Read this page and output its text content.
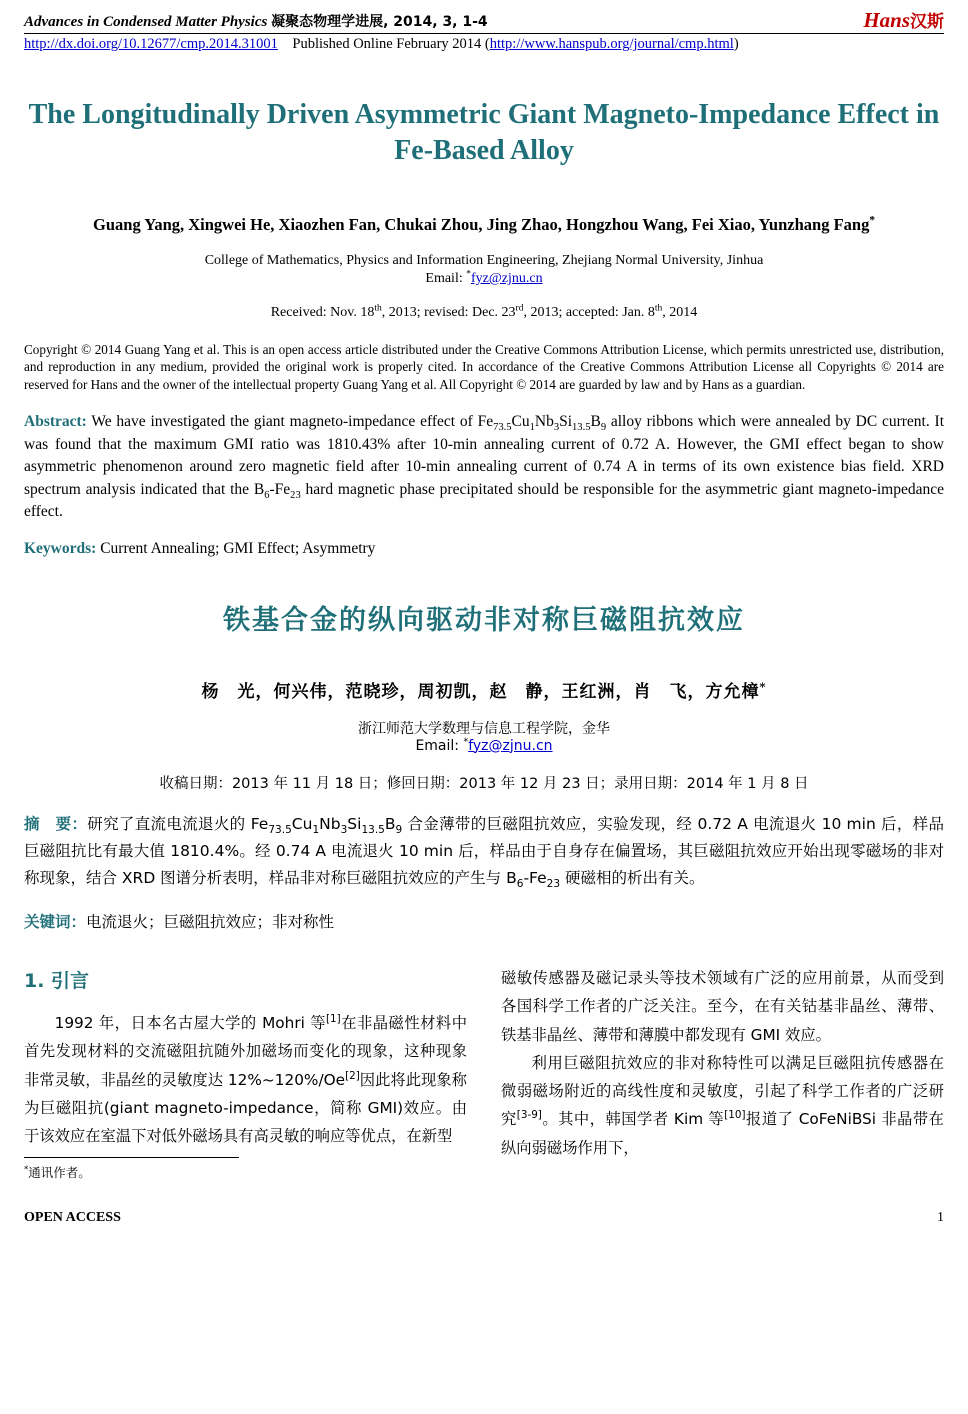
Advances in Condensed Matter Physics 凝聚态物理学进展, 2014, 3, 1-4	Hans汉斯
http://dx.doi.org/10.12677/cmp.2014.31001 Published Online February 2014 (http://www.hanspub.org/journal/cmp.html)
The Longitudinally Driven Asymmetric Giant Magneto-Impedance Effect in Fe-Based Alloy
Guang Yang, Xingwei He, Xiaozhen Fan, Chukai Zhou, Jing Zhao, Hongzhou Wang, Fei Xiao, Yunzhang Fang*
College of Mathematics, Physics and Information Engineering, Zhejiang Normal University, Jinhua
Email: *fyz@zjnu.cn
Received: Nov. 18th, 2013; revised: Dec. 23rd, 2013; accepted: Jan. 8th, 2014
Copyright © 2014 Guang Yang et al. This is an open access article distributed under the Creative Commons Attribution License, which permits unrestricted use, distribution, and reproduction in any medium, provided the original work is properly cited. In accordance of the Creative Commons Attribution License all Copyrights © 2014 are reserved for Hans and the owner of the intellectual property Guang Yang et al. All Copyright © 2014 are guarded by law and by Hans as a guardian.
Abstract: We have investigated the giant magneto-impedance effect of $Fe_{73.5}Cu_1Nb_3Si_{13.5}B_9$ alloy ribbons which were annealed by DC current. It was found that the maximum GMI ratio was 1810.43% after 10-min annealing current of 0.72 A. However, the GMI effect began to show asymmetric phenomenon around zero magnetic field after 10-min annealing current of 0.74 A in terms of its own existence bias field. XRD spectrum analysis indicated that the $B_6-Fe_{23}$ hard magnetic phase precipitated should be responsible for the asymmetric giant magneto-impedance effect.
Keywords: Current Annealing; GMI Effect; Asymmetry
铁基合金的纵向驱动非对称巨磁阻抗效应
杨　光，何兴伟，范晓珍，周初凯，赵　静，王红洲，肖　飞，方允樟*
浙江师范大学数理与信息工程学院，金华
Email: *fyz@zjnu.cn
收稿日期：2013 年 11 月 18 日；修回日期：2013 年 12 月 23 日；录用日期：2014 年 1 月 8 日
摘　要：研究了直流电流退火的 $Fe_{73.5}Cu_1Nb_3Si_{13.5}B_9$ 合金薄带的巨磁阻抗效应，实验发现，经 0.72 A 电流退火 10 min 后，样品巨磁阻抗比有最大值 1810.4%。经 0.74 A 电流退火 10 min 后，样品由于自身存在偏置场，其巨磁阻抗效应开始出现零磁场的非对称现象，结合 XRD 图谱分析表明，样品非对称巨磁阻抗效应的产生与 $B_6-Fe_{23}$ 硬磁相的析出有关。
关键词：电流退火；巨磁阻抗效应；非对称性
1. 引言

1992 年，日本名古屋大学的 Mohri 等[1]在非晶磁性材料中首先发现材料的交流磁阻抗随外加磁场而变化的现象，这种现象非常灵敏，非晶丝的灵敏度达 12%~120%/Oe[2]因此将此现象称为巨磁阻抗(giant magneto-impedance，简称 GMI)效应。由于该效应在室温下对低外磁场具有高灵敏的响应等优点，在新型

*通讯作者。

磁敏传感器及磁记录头等技术领域有广泛的应用前景，从而受到各国科学工作者的广泛关注。至今，在有关钴基非晶丝、薄带、铁基非晶丝、薄带和薄膜中都发现有 GMI 效应。

利用巨磁阻抗效应的非对称特性可以满足巨磁阻抗传感器在微弱磁场附近的高线性度和灵敏度，引起了科学工作者的广泛研究[3-9]。其中，韩国学者 Kim 等[10]报道了 CoFeNiBSi 非晶带在纵向弱磁场作用下，

OPEN ACCESS	1
